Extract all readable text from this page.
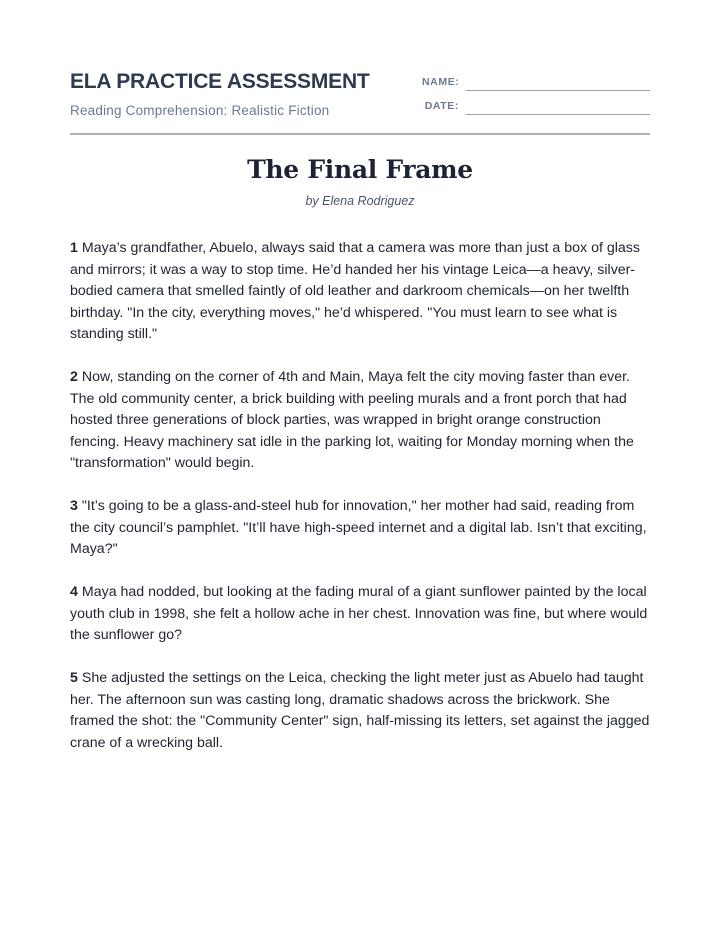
ELA PRACTICE ASSESSMENT
Reading Comprehension: Realistic Fiction
NAME:
DATE:
The Final Frame
by Elena Rodriguez

1 Maya’s grandfather, Abuelo, always said that a camera was more than just a box of glass and mirrors; it was a way to stop time. He’d handed her his vintage Leica—a heavy, silver-bodied camera that smelled faintly of old leather and darkroom chemicals—on her twelfth birthday. "In the city, everything moves," he’d whispered. "You must learn to see what is standing still."

2 Now, standing on the corner of 4th and Main, Maya felt the city moving faster than ever. The old community center, a brick building with peeling murals and a front porch that had hosted three generations of block parties, was wrapped in bright orange construction fencing. Heavy machinery sat idle in the parking lot, waiting for Monday morning when the "transformation" would begin.

3 "It’s going to be a glass-and-steel hub for innovation," her mother had said, reading from the city council’s pamphlet. "It’ll have high-speed internet and a digital lab. Isn’t that exciting, Maya?"

4 Maya had nodded, but looking at the fading mural of a giant sunflower painted by the local youth club in 1998, she felt a hollow ache in her chest. Innovation was fine, but where would the sunflower go?

5 She adjusted the settings on the Leica, checking the light meter just as Abuelo had taught her. The afternoon sun was casting long, dramatic shadows across the brickwork. She framed the shot: the "Community Center" sign, half-missing its letters, set against the jagged crane of a wrecking ball.
